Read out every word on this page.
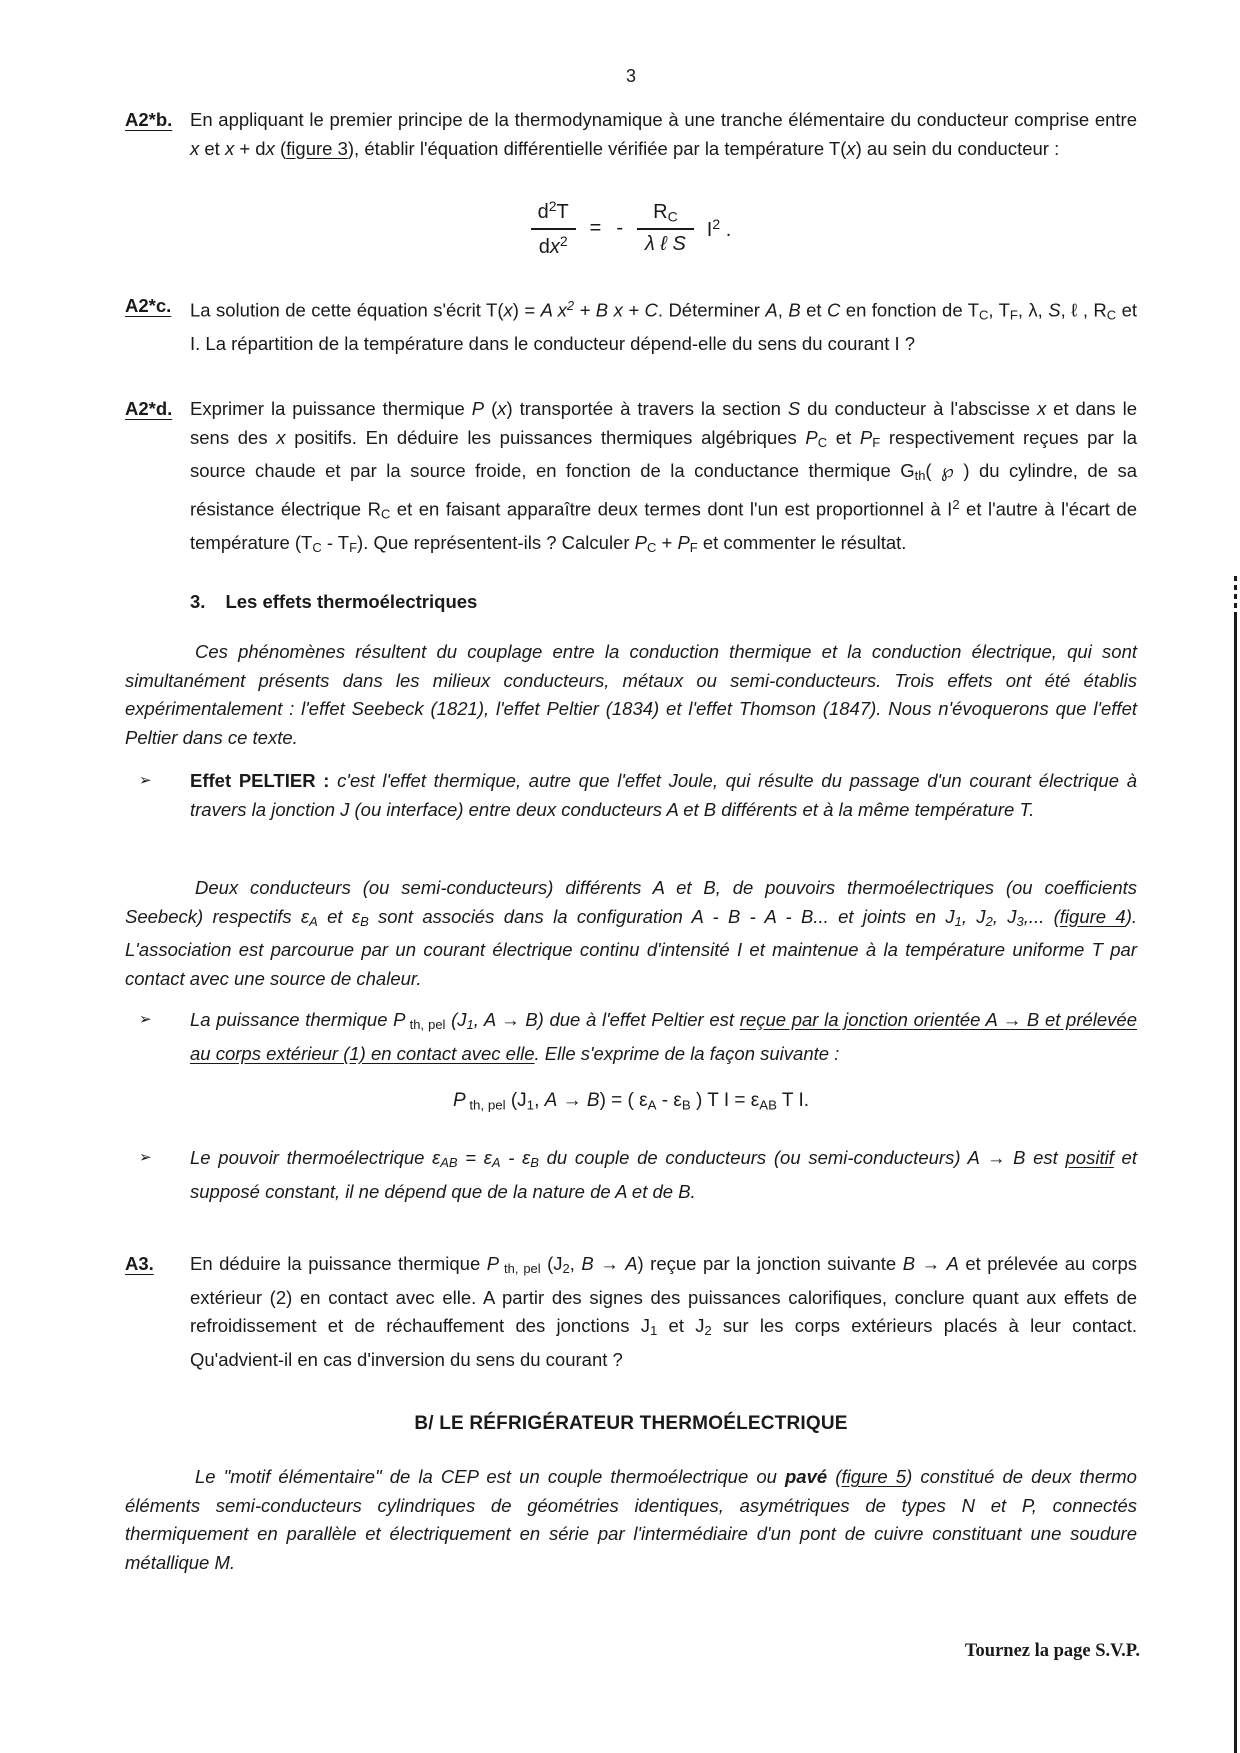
3
A2*b. En appliquant le premier principe de la thermodynamique à une tranche élémentaire du conducteur comprise entre x et x + dx (figure 3), établir l'équation différentielle vérifiée par la température T(x) au sein du conducteur :
$\frac{d^2T}{dx^2}$ = - $\frac{R_C}{\text{λ ℓ S}} I^2$ .
A2*c.	La solution de cette équation s'écrit T(x) = A $x^2 + B$ x + C. Déterminer A, B et C en fonction de $T_C$, $T_F$, λ, S, ℓ , $R_C$ et I. La répartition de la température dans le conducteur dépend-elle du sens du courant I ?
A2*d. Exprimer la puissance thermique P (x) transportée à travers la section S du conducteur à l'abscisse x et dans le sens des x positifs. En déduire les puissances thermiques algébriques $P_C$ et $P_F$ respectivement reçues par la source chaude et par la source froide, en fonction de la conductance thermique $G_{th}$( ℘ ) du cylindre, de sa résistance électrique $R_C$ et en faisant apparaître deux termes dont l'un est proportionnel à $I^2$ et l'autre à l'écart de température $(T_C - T_F)$. Que représentent-ils ? Calculer $P_C + P_F$ et commenter le résultat.
3. Les effets thermoélectriques
Ces phénomènes résultent du couplage entre la conduction thermique et la conduction électrique, qui sont simultanément présents dans les milieux conducteurs, métaux ou semi-conducteurs. Trois effets ont été établis expérimentalement : l'effet Seebeck (1821), l'effet Peltier (1834) et l'effet Thomson (1847). Nous n'évoquerons que l'effet Peltier dans ce texte.
➢	Effet PELTIER : c'est l'effet thermique, autre que l'effet Joule, qui résulte du passage d'un courant électrique à travers la jonction J (ou interface) entre deux conducteurs A et B différents et à la même température T.
Deux conducteurs (ou semi-conducteurs) différents A et B, de pouvoirs thermoélectriques (ou coefficients Seebeck) respectifs εA et εB sont associés dans la configuration A - B - A - B... et joints en J1, J2, J3,... (figure 4). L'association est parcourue par un courant électrique continu d'intensité I et maintenue à la température uniforme T par contact avec une source de chaleur.
➢	La puissance thermique P $_{th, pel}$ (J1, A → B) due à l'effet Peltier est reçue par la jonction orientée A → B et prélevée au corps extérieur (1) en contact avec elle. Elle s'exprime de la façon suivante :
P $_{th, pel}$ ($J_1$, A → B) = ( $\varepsilon_A - \varepsilon_B$ ) T $I = \varepsilon_{AB}$ T I.
➢	Le pouvoir thermoélectrique εAB = εA - εB du couple de conducteurs (ou semi-conducteurs) A → B est positif et supposé constant, il ne dépend que de la nature de A et de B.
A3.	En déduire la puissance thermique P $_{th, pel}$ ($J_2$, B → A) reçue par la jonction suivante B → A et prélevée au corps extérieur (2) en contact avec elle. A partir des signes des puissances calorifiques, conclure quant aux effets de refroidissement et de réchauffement des jonctions $J_1$ et $J_2$ sur les corps extérieurs placés à leur contact. Qu'advient-il en cas d'inversion du sens du courant ?
B/ LE RÉFRIGÉRATEUR THERMOÉLECTRIQUE
Le "motif élémentaire" de la CEP est un couple thermoélectrique ou pavé (figure 5) constitué de deux thermo éléments semi-conducteurs cylindriques de géométries identiques, asymétriques de types N et P, connectés thermiquement en parallèle et électriquement en série par l'intermédiaire d'un pont de cuivre constituant une soudure métallique M.
Tournez la page S.V.P.
